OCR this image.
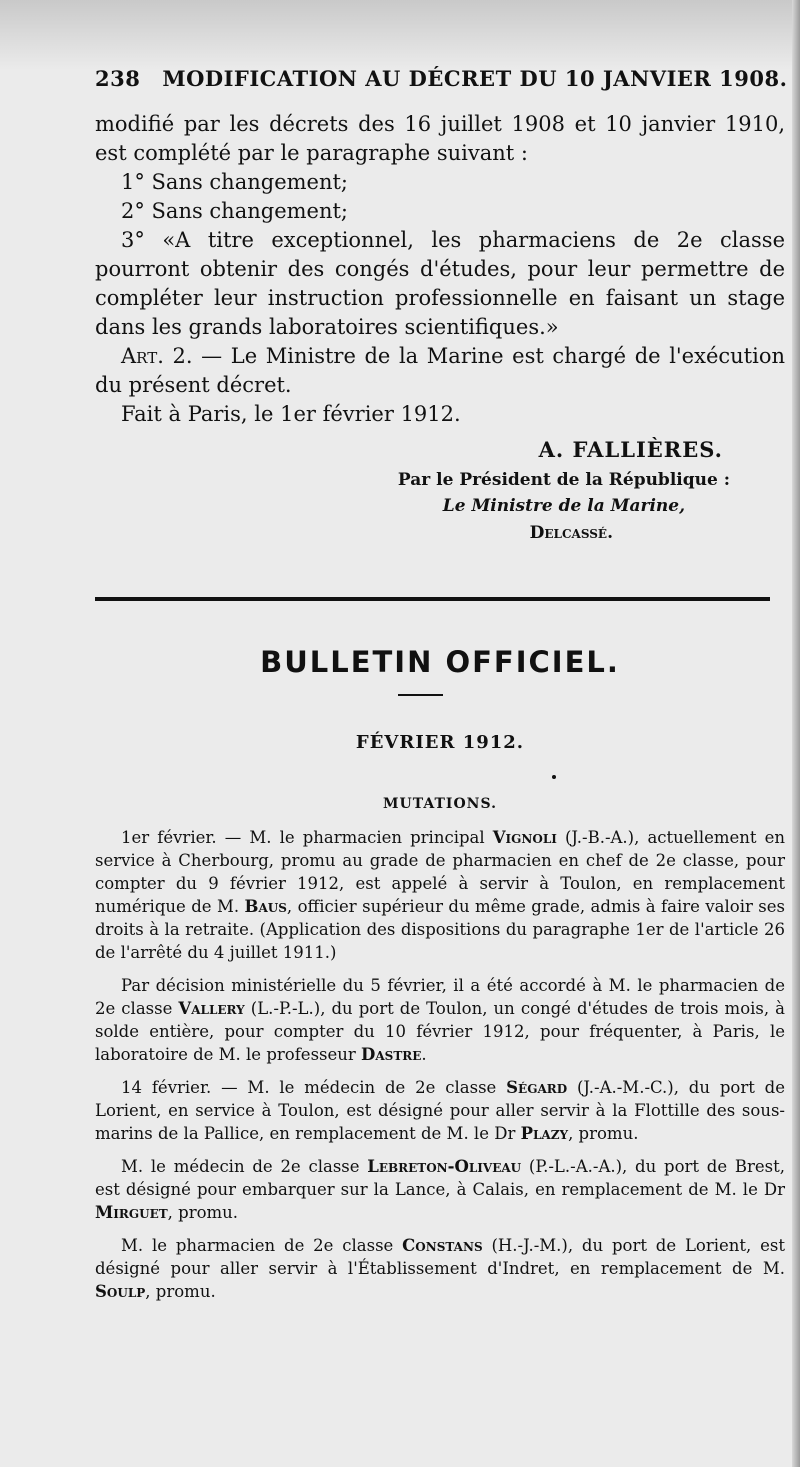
238 MODIFICATION AU DÉCRET DU 10 JANVIER 1908.

modifié par les décrets des 16 juillet 1908 et 10 janvier 1910, est complété par le paragraphe suivant :

1° Sans changement;

2° Sans changement;

3° «A titre exceptionnel, les pharmaciens de 2e classe pourront obtenir des congés d'études, pour leur permettre de compléter leur instruction professionnelle en faisant un stage dans les grands laboratoires scientifiques.»

Art. 2. — Le Ministre de la Marine est chargé de l'exécution du présent décret.

Fait à Paris, le 1er février 1912.

A. FALLIÈRES.
Par le Président de la République :
Le Ministre de la Marine,
Delcassé.
BULLETIN OFFICIEL.
FÉVRIER 1912.
MUTATIONS.

1er février. — M. le pharmacien principal Vignoli (J.-B.-A.), actuellement en service à Cherbourg, promu au grade de pharmacien en chef de 2e classe, pour compter du 9 février 1912, est appelé à servir à Toulon, en remplacement numérique de M. Baus, officier supérieur du même grade, admis à faire valoir ses droits à la retraite. (Application des dispositions du paragraphe 1er de l'article 26 de l'arrêté du 4 juillet 1911.)

Par décision ministérielle du 5 février, il a été accordé à M. le pharmacien de 2e classe Vallery (L.-P.-L.), du port de Toulon, un congé d'études de trois mois, à solde entière, pour compter du 10 février 1912, pour fréquenter, à Paris, le laboratoire de M. le professeur Dastre.

14 février. — M. le médecin de 2e classe Ségard (J.-A.-M.-C.), du port de Lorient, en service à Toulon, est désigné pour aller servir à la Flottille des sous-marins de la Pallice, en remplacement de M. le Dr Plazy, promu.

M. le médecin de 2e classe Lebreton-Oliveau (P.-L.-A.-A.), du port de Brest, est désigné pour embarquer sur la Lance, à Calais, en remplacement de M. le Dr Mirguet, promu.

M. le pharmacien de 2e classe Constans (H.-J.-M.), du port de Lorient, est désigné pour aller servir à l'Établissement d'Indret, en remplacement de M. Soulp, promu.
